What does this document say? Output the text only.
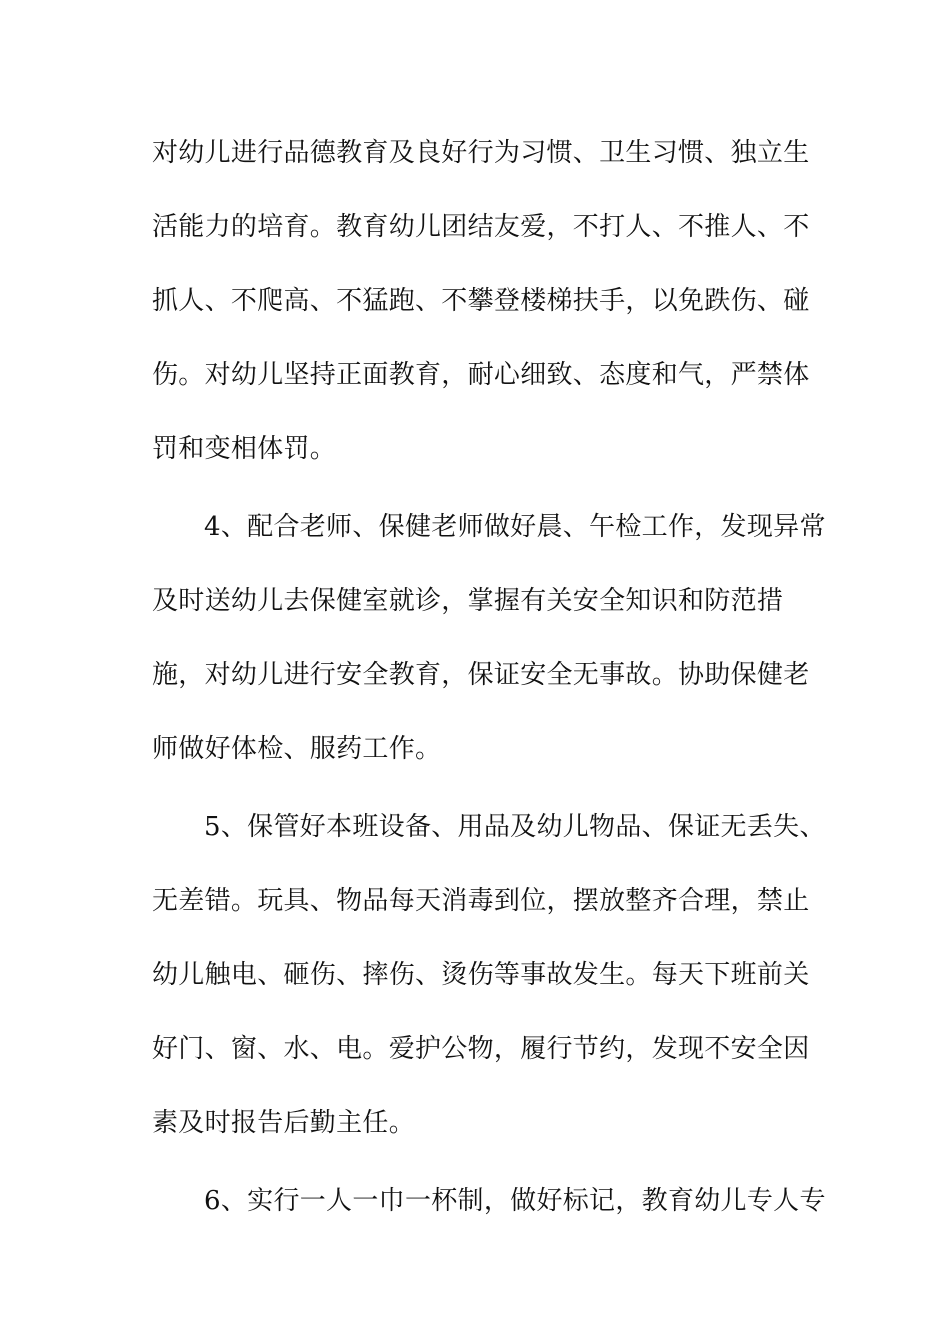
对幼儿进行品德教育及良好行为习惯、卫生习惯、独立生
活能力的培育。教育幼儿团结友爱，不打人、不推人、不
抓人、不爬高、不猛跑、不攀登楼梯扶手，以免跌伤、碰
伤。对幼儿坚持正面教育，耐心细致、态度和气，严禁体
罚和变相体罚。
4、配合老师、保健老师做好晨、午检工作，发现异常
及时送幼儿去保健室就诊，掌握有关安全知识和防范措
施，对幼儿进行安全教育，保证安全无事故。协助保健老
师做好体检、服药工作。
5、保管好本班设备、用品及幼儿物品、保证无丢失、
无差错。玩具、物品每天消毒到位，摆放整齐合理，禁止
幼儿触电、砸伤、摔伤、烫伤等事故发生。每天下班前关
好门、窗、水、电。爱护公物，履行节约，发现不安全因
素及时报告后勤主任。
6、实行一人一巾一杯制，做好标记，教育幼儿专人专
